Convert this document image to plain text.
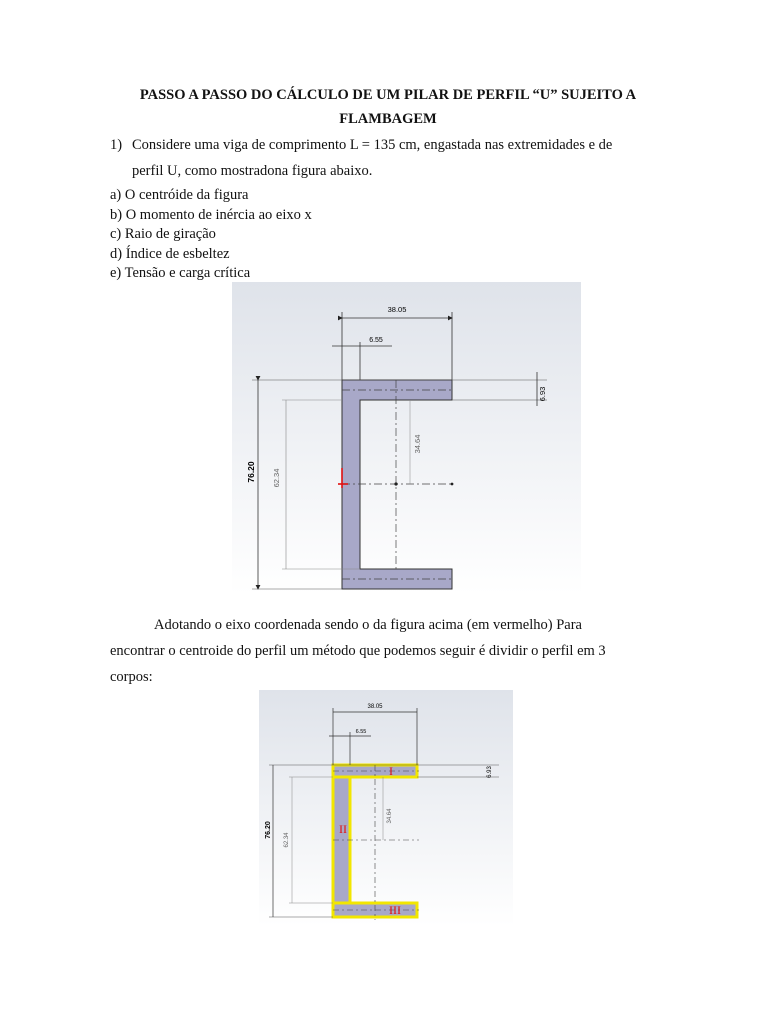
PASSO A PASSO DO CÁLCULO DE UM PILAR DE PERFIL “U” SUJEITO A
FLAMBAGEM
1) Considere uma viga de comprimento L = 135 cm, engastada nas extremidades e de
perfil U, como mostradona figura abaixo.
a) O centróide da figura
b) O momento de inércia ao eixo x
c) Raio de giração
d) Índice de esbeltez
e) Tensão e carga crítica
38.05
6.55
6.93
76.20 62.34
34.64
Adotando o eixo coordenada sendo o da figura acima (em vermelho) Para
encontrar o centroide do perfil um método que podemos seguir é dividir o perfil em 3
corpos:
38.05
6.55
6.93
76.20
62.34
34.64
I
II
III
